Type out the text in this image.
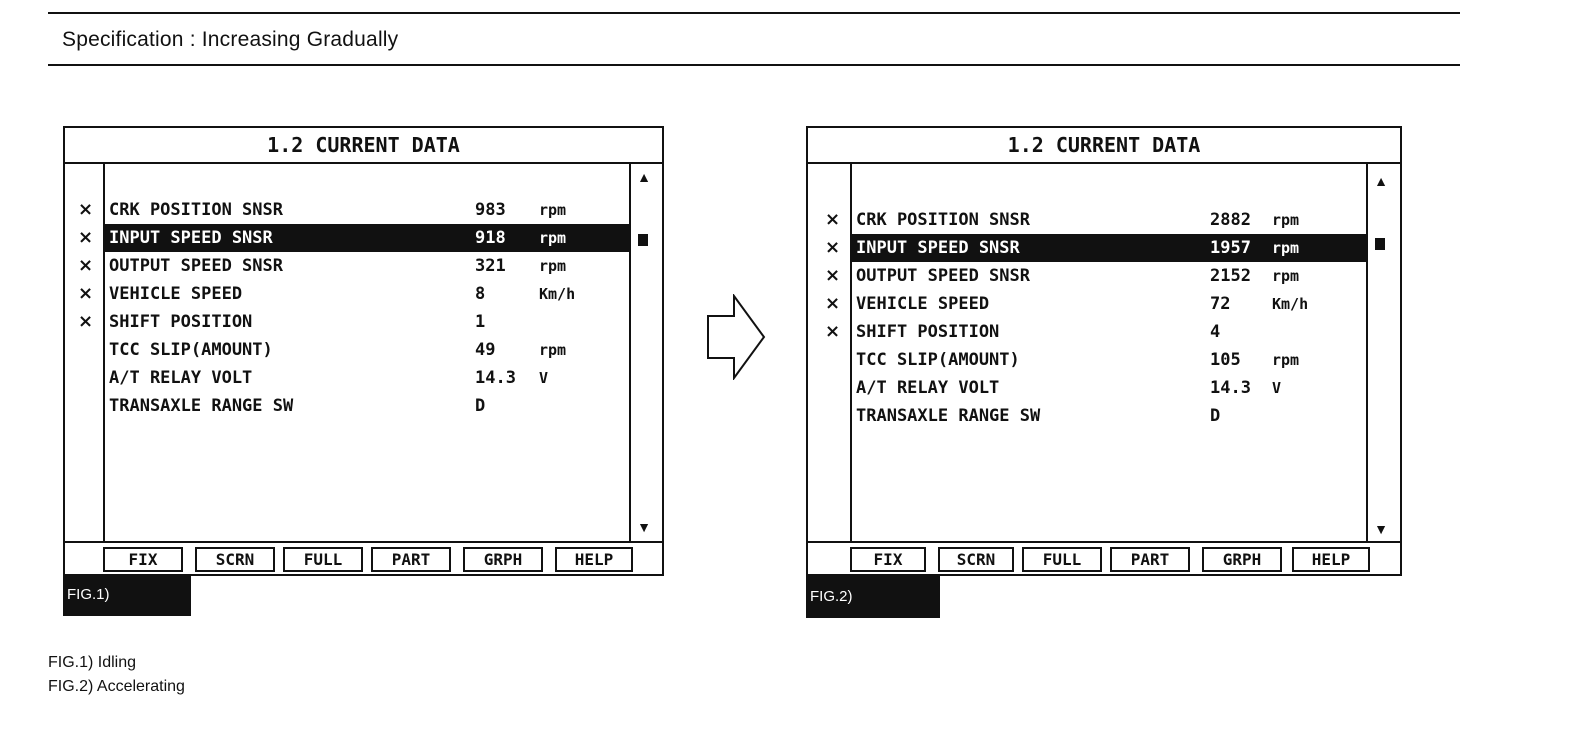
Specification : Increasing Gradually
1.2 CURRENT DATA
▲
▼
× CRK POSITION SNSR	983 rpm
× INPUT SPEED SNSR	918 rpm
× OUTPUT SPEED SNSR	321 rpm
× VEHICLE SPEED	8	Km/h
× SHIFT POSITION	1
TCC SLIP(AMOUNT)	49	rpm
A/T RELAY VOLT	14.3 V
TRANSAXLE RANGE SW	D
FIX	SCRN	FULL	PART	GRPH	HELP
FIG.1)
1.2 CURRENT DATA
▲
▼
× CRK POSITION SNSR	2882 rpm
× INPUT SPEED SNSR	1957 rpm
× OUTPUT SPEED SNSR	2152 rpm
× VEHICLE SPEED	72	Km/h
× SHIFT POSITION	4
TCC SLIP(AMOUNT)	105 rpm
A/T RELAY VOLT	14.3 V
TRANSAXLE RANGE SW	D
FIX	SCRN	FULL	PART	GRPH	HELP
FIG.2)
FIG.1) Idling
FIG.2) Accelerating
